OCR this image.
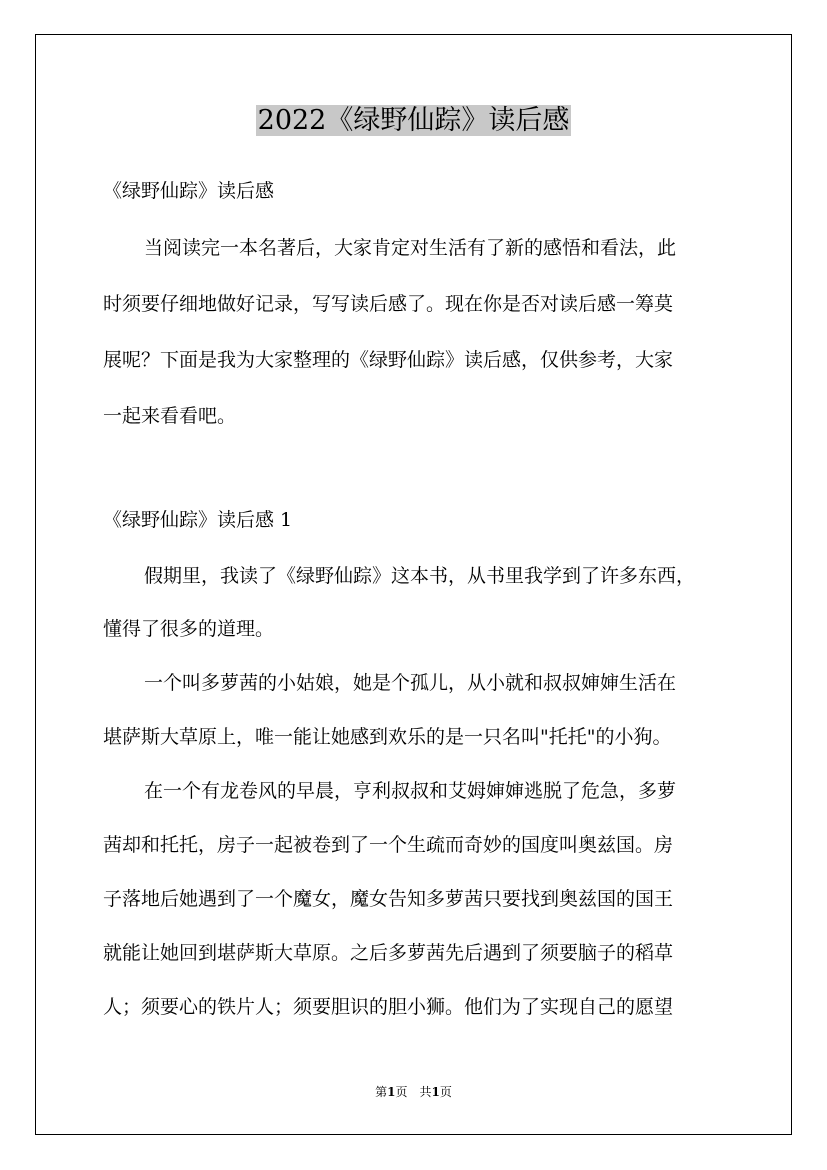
2022《绿野仙踪》读后感
《绿野仙踪》读后感
当阅读完一本名著后，大家肯定对生活有了新的感悟和看法，此
时须要仔细地做好记录，写写读后感了。现在你是否对读后感一筹莫
展呢？下面是我为大家整理的《绿野仙踪》读后感，仅供参考，大家
一起来看看吧。
《绿野仙踪》读后感 1
假期里，我读了《绿野仙踪》这本书，从书里我学到了许多东西，
懂得了很多的道理。
一个叫多萝茜的小姑娘，她是个孤儿，从小就和叔叔婶婶生活在
堪萨斯大草原上，唯一能让她感到欢乐的是一只名叫"托托"的小狗。
在一个有龙卷风的早晨，亨利叔叔和艾姆婶婶逃脱了危急，多萝
茜却和托托，房子一起被卷到了一个生疏而奇妙的国度叫奥兹国。房
子落地后她遇到了一个魔女，魔女告知多萝茜只要找到奥兹国的国王
就能让她回到堪萨斯大草原。之后多萝茜先后遇到了须要脑子的稻草
人；须要心的铁片人；须要胆识的胆小狮。他们为了实现自己的愿望
第1页　共1页
